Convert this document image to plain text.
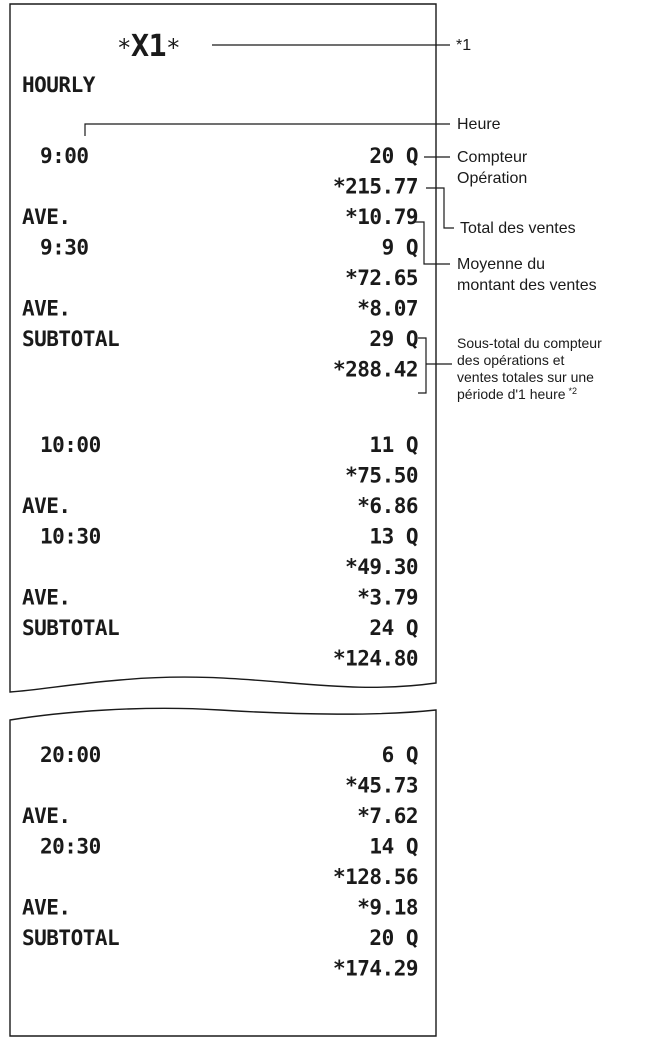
*X1*
HOURLY
9:00	20 Q
*215.77
AVE.	*10.79
9:30	9 Q
*72.65
AVE.	*8.07
SUBTOTAL	29 Q
*288.42
10:00	11 Q
*75.50
AVE.	*6.86
10:30	13 Q
*49.30
AVE.	*3.79
SUBTOTAL	24 Q
*124.80
20:00	6 Q
*45.73
AVE.	*7.62
20:30	14 Q
*128.56
AVE.	*9.18
SUBTOTAL	20 Q
*174.29
*1
Heure
Compteur
Opération
Total des ventes
Moyenne du
montant des ventes
Sous-total du compteur
des opérations et
ventes totales sur une
période d'1 heure $^{*2}$
